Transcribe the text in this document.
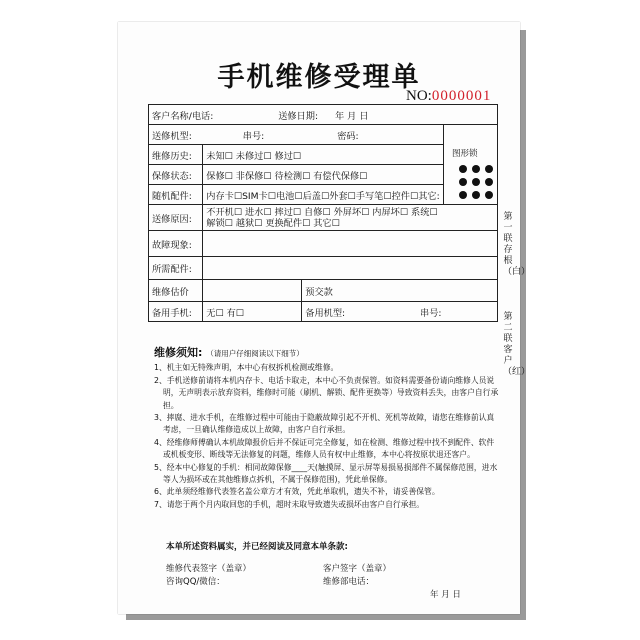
手机维修受理单
NO:0000001
客户名称/电话: 送修日期: 年 月 日			
送修机型: 串号: 密码:			
维修历史:	未知☐ 未修过☐ 修过☐		
保修状态:	保修☐ 非保修☐ 待检测☐ 有偿代保修☐		
随机配件:	内存卡☐SIM卡☐电池☐后盖☐外套☐手写笔☐控件☐其它:		
送修原因:	不开机☐ 进水☐ 摔过☐ 自修☐ 外屏坏☐ 内屏坏☐ 系统☐
解锁☐ 越狱☐ 更换配件☐ 其它☐		

故障现象:			
所需配件:			
维修估价		预交款	
备用手机:	无☐ 有☐	备用机型: 串号:	
图形锁
第一联存根（白）
第二联客户（红）
维修须知: （请用户仔细阅读以下细节）
1、机主如无特殊声明，本中心有权拆机检测或维修。
2、手机送修前请将本机内存卡、电话卡取走，本中心不负责保管。如资料需要备份请向维修人员说明，无声明表示放弃资料，维修时可能（刷机、解锁、配件更换等）导致资料丢失，由客户自行承担。
3、摔腐、进水手机，在维修过程中可能由于隐蔽故障引起不开机、死机等故障，请您在维修前认真考虑，一旦确认维修造成以上故障，由客户自行承担。
4、经维修师傅确认本机故障报价后并不保证可完全修复，如在检测、维修过程中找不到配件、软件或机板变形、断线等无法修复的问题，维修人员有权中止维修，本中心将按原状退还客户。
5、经本中心修复的手机：相同故障保修____天(触摸屏、显示屏等易损易损部件不属保修范围，进水等人为损坏或在其他维修点拆机，不属于保修范围)，凭此单保修。
6、此单须经维修代表签名盖公章方才有效，凭此单取机，遗失不补，请妥善保管。
7、请您于两个月内取回您的手机，超时未取导致遗失或损坏由客户自行承担。
本单所述资料属实，并已经阅读及同意本单条款:
维修代表签字（盖章）	客户签字（盖章）
咨询QQ/微信：	维修部电话：
年 月 日
